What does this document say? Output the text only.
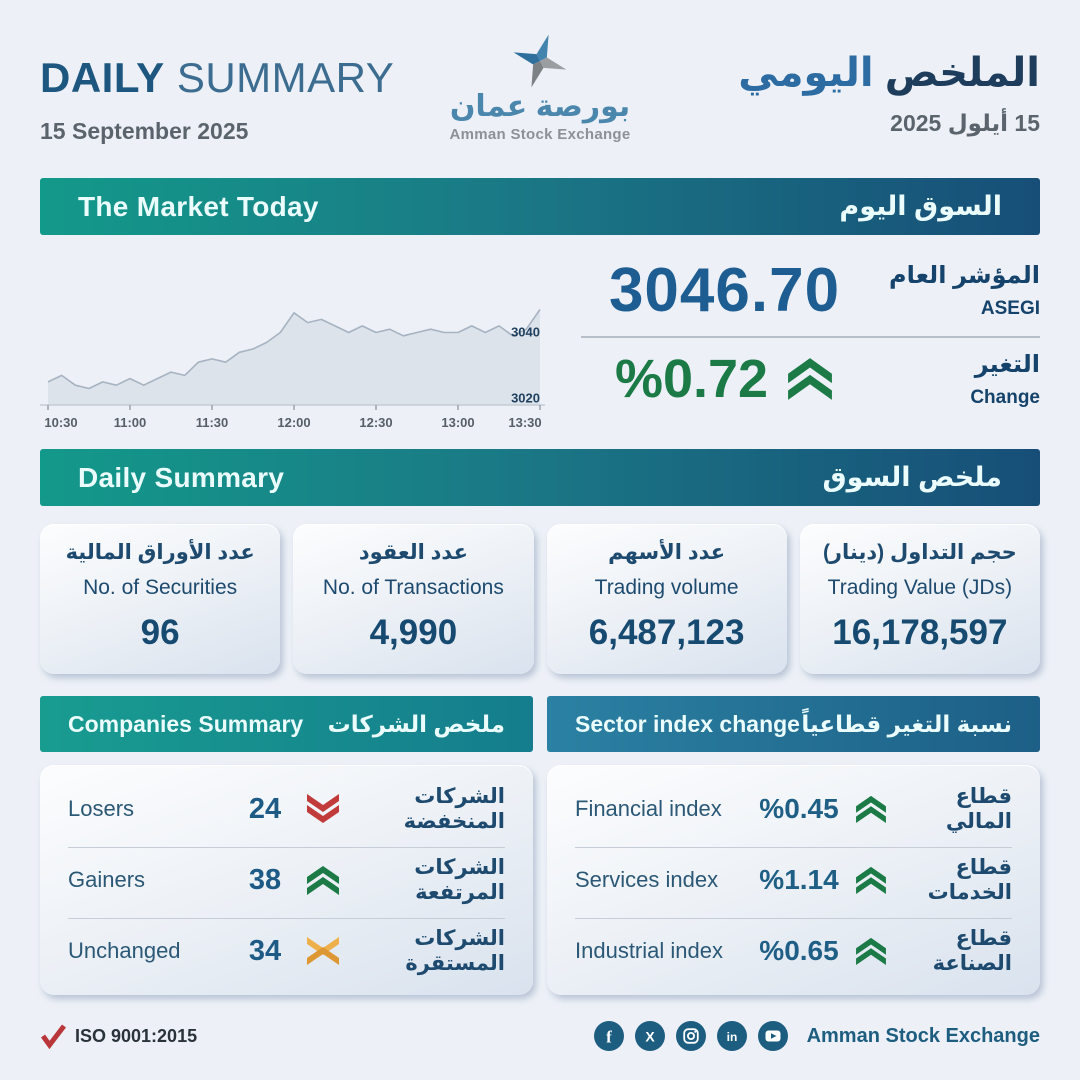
DAILY SUMMARY
15 September 2025
بورصة عمان
Amman Stock Exchange
الملخص اليومي
15 أيلول 2025
The Market Today	السوق اليوم
10:30	11:00	11:30	12:00	12:30	13:00	13:30
3040
3020
3046.70	المؤشر العام
ASEGI
%0.72	التغير
Change
Daily Summary	ملخص السوق
عدد الأوراق المالية
No. of Securities
96
عدد العقود
No. of Transactions
4,990
عدد الأسهم
Trading volume
6,487,123
حجم التداول (دينار)
Trading Value (JDs)
16,178,597
Companies Summary ملخص الشركات
Losers	24	الشركات المنخفضة
Gainers	38	الشركات المرتفعة
Unchanged	34	الشركات المستقرة
Sector index change نسبة التغير قطاعياً
Financial index	%0.45	قطاع المالي
Services index	%1.14	قطاع الخدمات
Industrial index	%0.65	قطاع الصناعة
ISO 9001:2015	f X	in	Amman Stock Exchange
